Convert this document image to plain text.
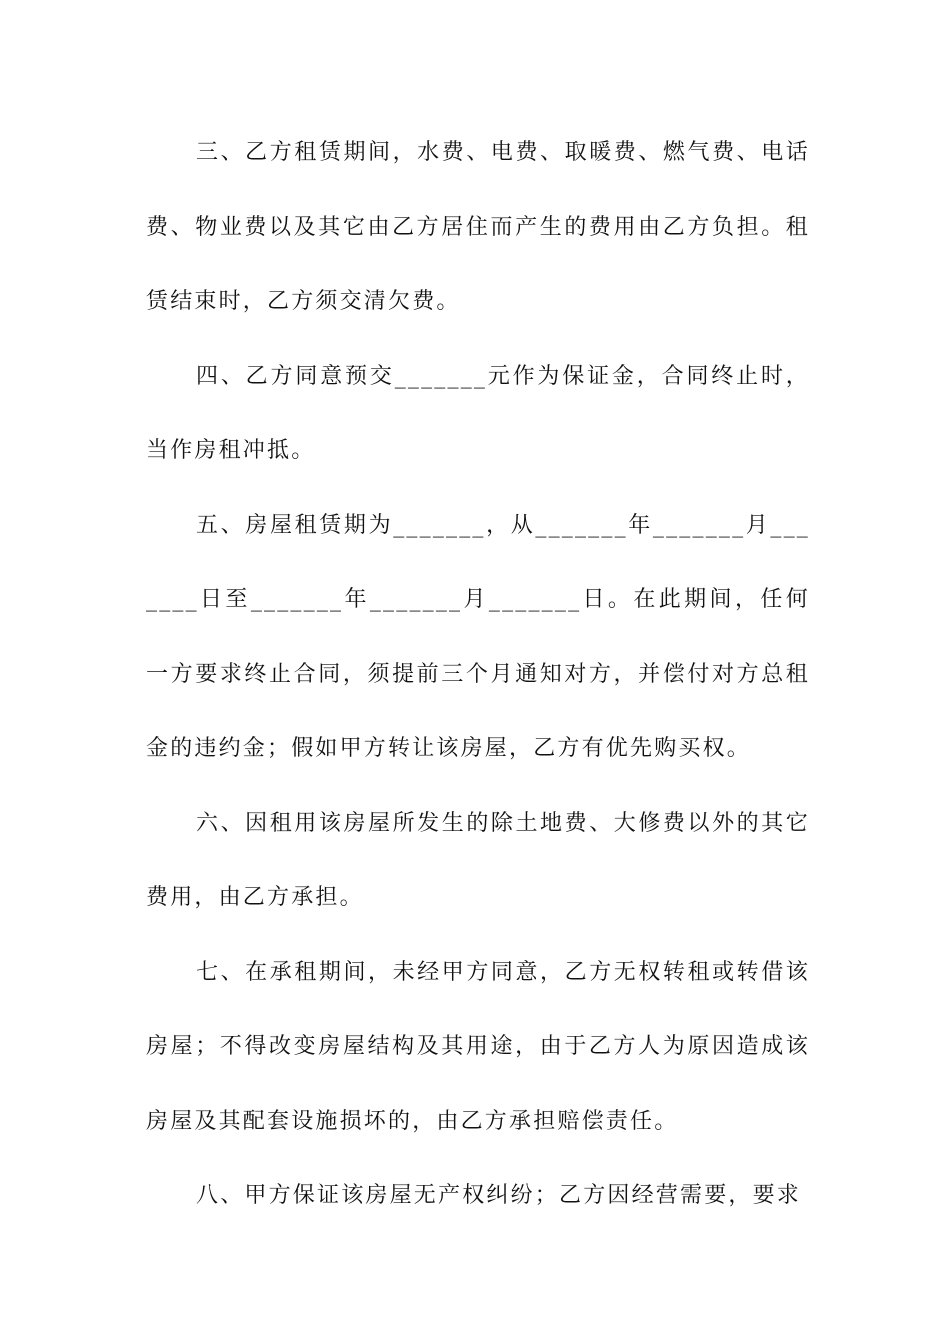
三、乙方租赁期间，水费、电费、取暖费、燃气费、电话费、物业费以及其它由乙方居住而产生的费用由乙方负担。租赁结束时，乙方须交清欠费。

四、乙方同意预交_______元作为保证金，合同终止时，当作房租冲抵。

五、房屋租赁期为_______，从_______年_______月_______日至_______年_______月_______日。在此期间，任何一方要求终止合同，须提前三个月通知对方，并偿付对方总租金的违约金；假如甲方转让该房屋，乙方有优先购买权。

六、因租用该房屋所发生的除土地费、大修费以外的其它费用，由乙方承担。

七、在承租期间，未经甲方同意，乙方无权转租或转借该房屋；不得改变房屋结构及其用途，由于乙方人为原因造成该房屋及其配套设施损坏的，由乙方承担赔偿责任。

八、甲方保证该房屋无产权纠纷；乙方因经营需要，要求
